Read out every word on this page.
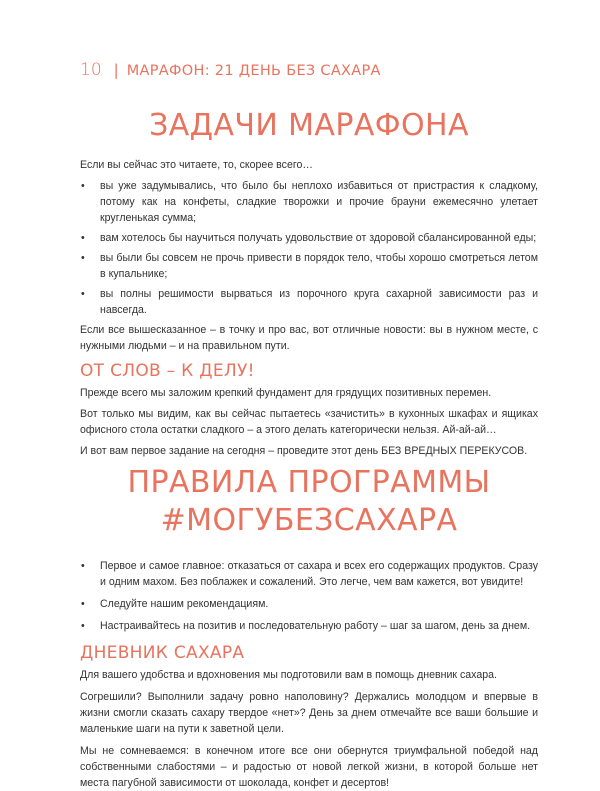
10 | МАРАФОН: 21 ДЕНЬ БЕЗ САХАРА
ЗАДАЧИ МАРАФОНА

Если вы сейчас это читаете, то, скорее всего…

• вы уже задумывались, что было бы неплохо избавиться от пристрастия к сладкому, потому как на конфеты, сладкие творожки и прочие брауни ежемесячно улетает кругленькая сумма;
• вам хотелось бы научиться получать удовольствие от здоровой сбалансированной еды;
• вы были бы совсем не прочь привести в порядок тело, чтобы хорошо смотреться летом в купальнике;
• вы полны решимости вырваться из порочного круга сахарной зависимости раз и навсегда.

Если все вышесказанное – в точку и про вас, вот отличные новости: вы в нужном месте, с нужными людьми – и на правильном пути.

ОТ СЛОВ – К ДЕЛУ!

Прежде всего мы заложим крепкий фундамент для грядущих позитивных перемен.

Вот только мы видим, как вы сейчас пытаетесь «зачистить» в кухонных шкафах и ящиках офисного стола остатки сладкого – а этого делать категорически нельзя. Ай-ай-ай…

И вот вам первое задание на сегодня – проведите этот день БЕЗ ВРЕДНЫХ ПЕРЕКУСОВ.

ПРАВИЛА ПРОГРАММЫ
#МОГУБЕЗСАХАРА
• Первое и самое главное: отказаться от сахара и всех его содержащих продуктов. Сразу и одним махом. Без поблажек и сожалений. Это легче, чем вам кажется, вот увидите!
• Следуйте нашим рекомендациям.
• Настраивайтесь на позитив и последовательную работу – шаг за шагом, день за днем.
ДНЕВНИК САХАРА

Для вашего удобства и вдохновения мы подготовили вам в помощь дневник сахара.

Согрешили? Выполнили задачу ровно наполовину? Держались молодцом и впервые в жизни смогли сказать сахару твердое «нет»? День за днем отмечайте все ваши большие и маленькие шаги на пути к заветной цели.

Мы не сомневаемся: в конечном итоге все они обернутся триумфальной победой над собственными слабостями – и радостью от новой легкой жизни, в которой больше нет места пагубной зависимости от шоколада, конфет и десертов!
